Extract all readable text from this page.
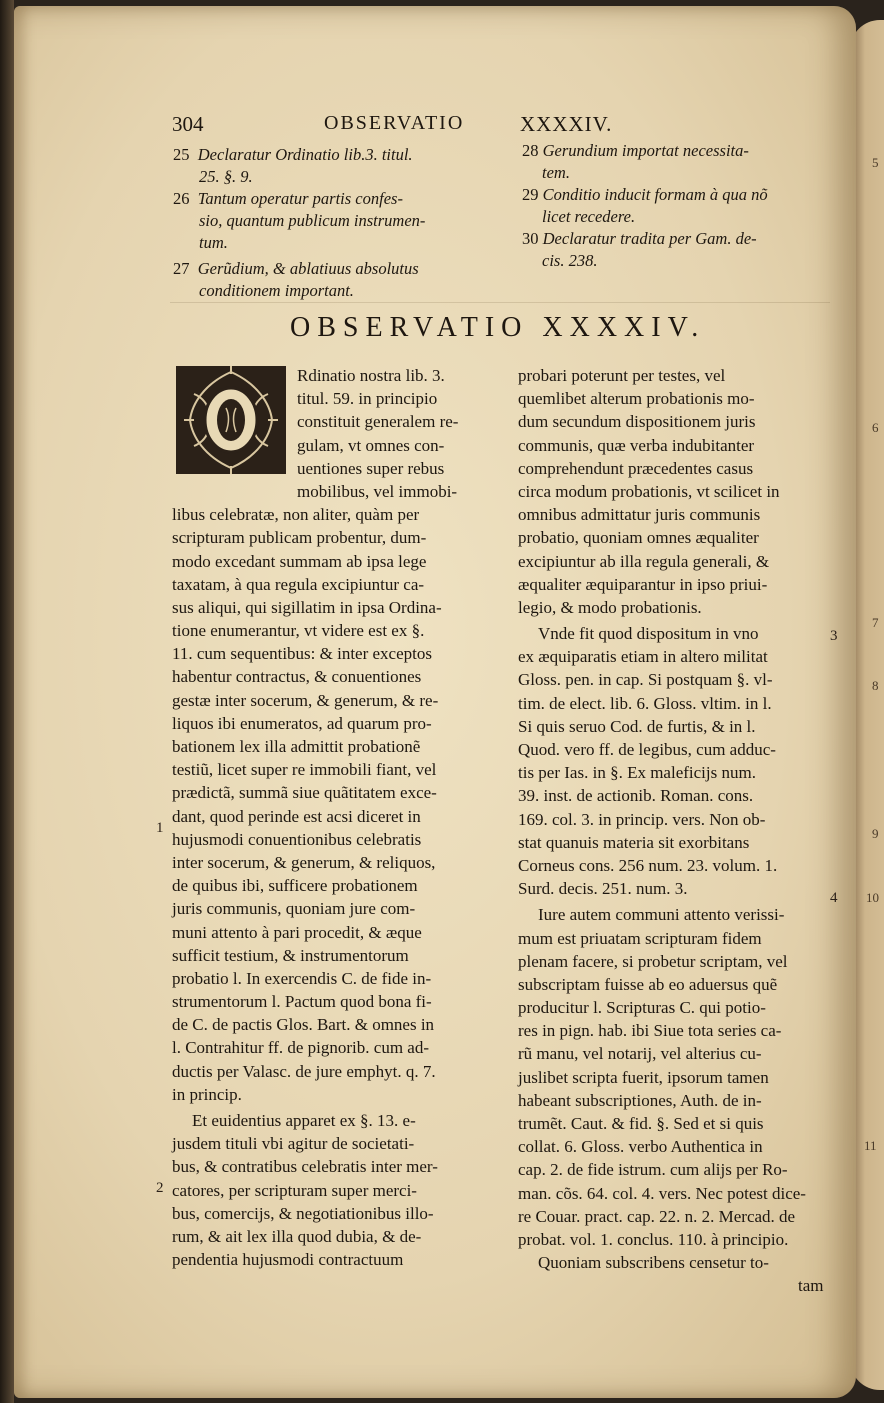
304	OBSERVATIO	XXXXIV.
25 Declaratur Ordinatio lib.3. titul.
25. §. 9.
26 Tantum operatur partis confes-
sio, quantum publicum instrumen-
tum.
27 Gerũdium, & ablatiuus absolutus
conditionem important.
28 Gerundium importat necessita-
tem.
29 Conditio inducit formam à qua nõ
licet recedere.
30 Declaratur tradita per Gam. de-
cis. 238.
OBSERVATIO XXXXIV.
O
Rdinatio nostra lib. 3.
titul. 59. in principio
constituit generalem re-
gulam, vt omnes con-
uentiones super rebus
mobilibus, vel immobi-
libus celebratæ, non aliter, quàm per
scripturam publicam probentur, dum-
modo excedant summam ab ipsa lege
taxatam, à qua regula excipiuntur ca-
sus aliqui, qui sigillatim in ipsa Ordina-
tione enumerantur, vt videre est ex §.
11. cum sequentibus: & inter exceptos
habentur contractus, & conuentiones
gestæ inter socerum, & generum, & re-
liquos ibi enumeratos, ad quarum pro-
bationem lex illa admittit probationẽ
testiũ, licet super re immobili fiant, vel
prædictã, summã siue quãtitatem exce-
dant, quod perinde est acsi diceret in
hujusmodi conuentionibus celebratis
inter socerum, & generum, & reliquos,
de quibus ibi, sufficere probationem
juris communis, quoniam jure com-
muni attento à pari procedit, & æque
sufficit testium, & instrumentorum
probatio l. In exercendis C. de fide in-
strumentorum l. Pactum quod bona fi-
de C. de pactis Glos. Bart. & omnes in
l. Contrahitur ff. de pignorib. cum ad-
ductis per Valasc. de jure emphyt. q. 7.
in princip.
Et euidentius apparet ex §. 13. e-
jusdem tituli vbi agitur de societati-
bus, & contratibus celebratis inter mer-
catores, per scripturam super merci-
bus, comercijs, & negotiationibus illo-
rum, & ait lex illa quod dubia, & de-
pendentia hujusmodi contractuum
probari poterunt per testes, vel
quemlibet alterum probationis mo-
dum secundum dispositionem juris
communis, quæ verba indubitanter
comprehendunt præcedentes casus
circa modum probationis, vt scilicet in
omnibus admittatur juris communis
probatio, quoniam omnes æqualiter
excipiuntur ab illa regula generali, &
æqualiter æquiparantur in ipso priui-
legio, & modo probationis.
Vnde fit quod dispositum in vno
ex æquiparatis etiam in altero militat
Gloss. pen. in cap. Si postquam §. vl-
tim. de elect. lib. 6. Gloss. vltim. in l.
Si quis seruo Cod. de furtis, & in l.
Quod. vero ff. de legibus, cum adduc-
tis per Ias. in §. Ex maleficijs num.
39. inst. de actionib. Roman. cons.
169. col. 3. in princip. vers. Non ob-
stat quanuis materia sit exorbitans
Corneus cons. 256 num. 23. volum. 1.
Surd. decis. 251. num. 3.
Iure autem communi attento verissi-
mum est priuatam scripturam fidem
plenam facere, si probetur scriptam, vel
subscriptam fuisse ab eo aduersus quẽ
producitur l. Scripturas C. qui potio-
res in pign. hab. ibi Siue tota series ca-
rũ manu, vel notarij, vel alterius cu-
juslibet scripta fuerit, ipsorum tamen
habeant subscriptiones, Auth. de in-
trumẽt. Caut. & fid. §. Sed et si quis
collat. 6. Gloss. verbo Authentica in
cap. 2. de fide istrum. cum alijs per Ro-
man. cõs. 64. col. 4. vers. Nec potest dice-
re Couar. pract. cap. 22. n. 2. Mercad. de
probat. vol. 1. conclus. 110. à principio.
Quoniam subscribens censetur to-
tam
1
2
3
4
5
6
7
8
9
10
11
